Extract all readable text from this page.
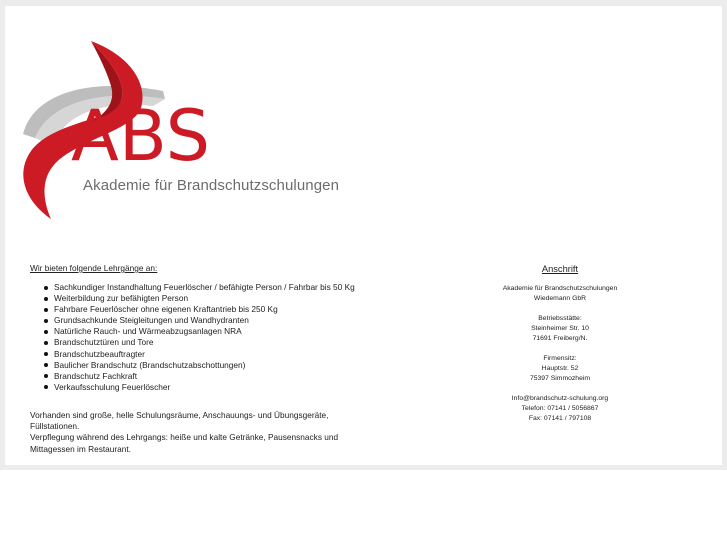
ABS
Akademie für Brandschutzschulungen
Wir bieten folgende Lehrgänge an:
Sachkundiger Instandhaltung Feuerlöscher / befähigte Person / Fahrbar bis 50 Kg
Weiterbildung zur befähigten Person
Fahrbare Feuerlöscher ohne eigenen Kraftantrieb bis 250 Kg
Grundsachkunde Steigleitungen und Wandhydranten
Natürliche Rauch- und Wärmeabzugsanlagen NRA
Brandschutztüren und Tore
Brandschutzbeauftragter
Baulicher Brandschutz (Brandschutzabschottungen)
Brandschutz Fachkraft
Verkaufsschulung Feuerlöscher
Vorhanden sind große, helle Schulungsräume, Anschauungs- und Übungsgeräte,
Füllstationen.
Verpflegung während des Lehrgangs: heiße und kalte Getränke, Pausensnacks und
Mittagessen im Restaurant.
Anschrift
Akademie für Brandschutzschulungen
Wiedemann GbR
Betriebsstätte:
Steinheimer Str. 10
71691 Freiberg/N.
Firmensitz:
Hauptstr. 52
75397 Simmozheim
Info@brandschutz-schulung.org
Telefon: 07141 / 5056867
Fax: 07141 / 797108
